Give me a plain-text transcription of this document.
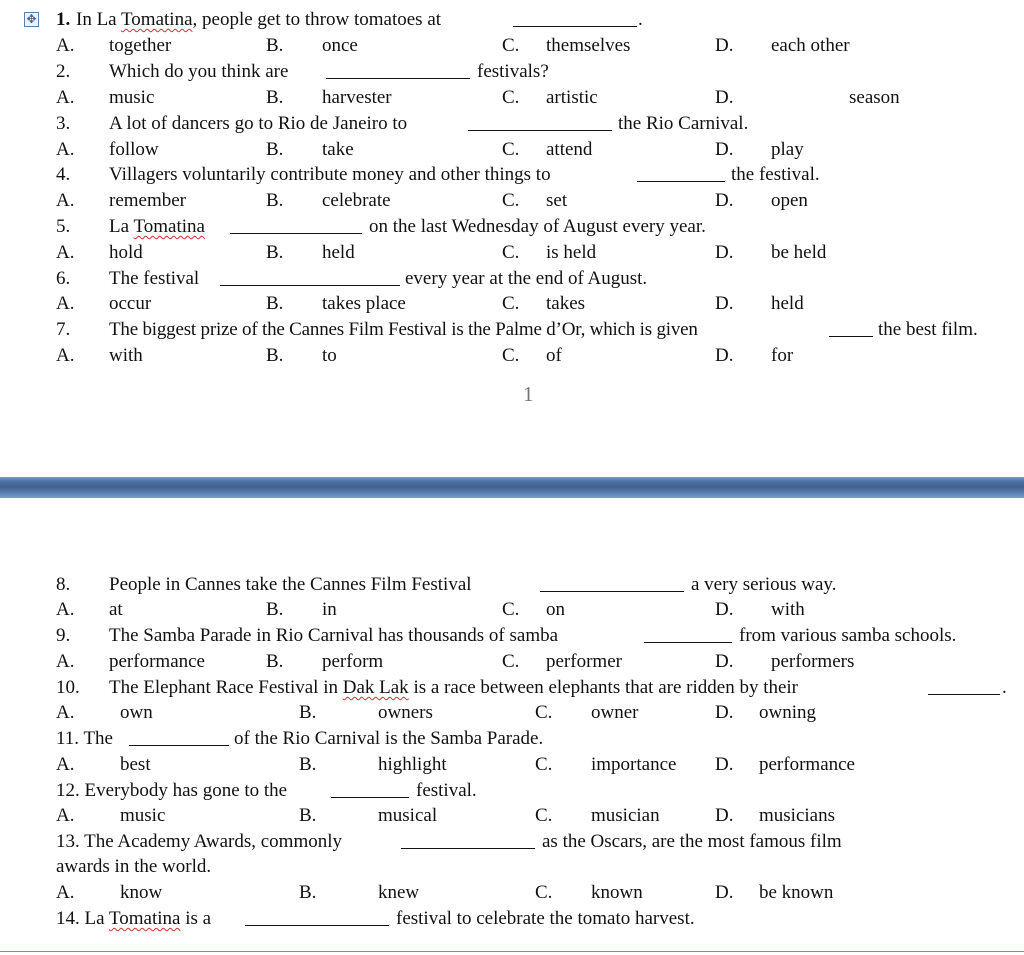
✥ 1. In La Tomatina, people get to throw tomatoes at	.
A. together	B. once	C. themselves	D. each other
2. Which do you think are	festivals?
A. music	B. harvester	C. artistic	D.	season
3. A lot of dancers go to Rio de Janeiro to	the Rio Carnival.
A. follow	B. take	C. attend	D. play
4. Villagers voluntarily contribute money and other things to	the festival.
A. remember	B. celebrate	C. set	D. open
5. La Tomatina	on the last Wednesday of August every year.
A. hold	B. held	C. is held	D. be held
6. The festival	every year at the end of August.
A. occur	B. takes place	C. takes	D. held
7. The biggest prize of the Cannes Film Festival is the Palme d’Or, which is given	the best film.
A. with	B. to	C. of	D. for
1
8. People in Cannes take the Cannes Film Festival	a very serious way.
A. at	B. in	C. on	D. with
9. The Samba Parade in Rio Carnival has thousands of samba	from various samba schools.
A. performance	B. perform	C. performer	D. performers
10. The Elephant Race Festival in Dak Lak is a race between elephants that are ridden by their	.
A. own	B.	owners	C. owner	D. owning
11. The	of the Rio Carnival is the Samba Parade.
A. best	B.	highlight	C. importance D. performance
12. Everybody has gone to the	festival.
A. music	B.	musical	C. musician	D. musicians
13. The Academy Awards, commonly	as the Oscars, are the most famous film
awards in the world.
A. know	B.	knew	C. known	D. be known
14. La Tomatina is a	festival to celebrate the tomato harvest.
